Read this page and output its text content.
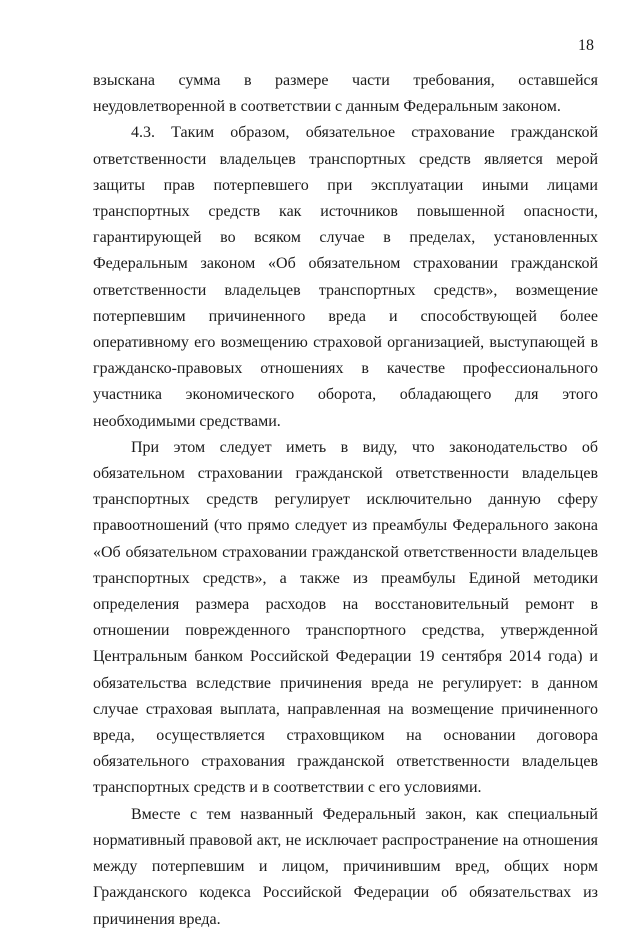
18

взыскана сумма в размере части требования, оставшейся неудовлетворенной в соответствии с данным Федеральным законом.

4.3. Таким образом, обязательное страхование гражданской ответственности владельцев транспортных средств является мерой защиты прав потерпевшего при эксплуатации иными лицами транспортных средств как источников повышенной опасности, гарантирующей во всяком случае в пределах, установленных Федеральным законом «Об обязательном страховании гражданской ответственности владельцев транспортных средств», возмещение потерпевшим причиненного вреда и способствующей более оперативному его возмещению страховой организацией, выступающей в гражданско-правовых отношениях в качестве профессионального участника экономического оборота, обладающего для этого необходимыми средствами.

При этом следует иметь в виду, что законодательство об обязательном страховании гражданской ответственности владельцев транспортных средств регулирует исключительно данную сферу правоотношений (что прямо следует из преамбулы Федерального закона «Об обязательном страховании гражданской ответственности владельцев транспортных средств», а также из преамбулы Единой методики определения размера расходов на восстановительный ремонт в отношении поврежденного транспортного средства, утвержденной Центральным банком Российской Федерации 19 сентября 2014 года) и обязательства вследствие причинения вреда не регулирует: в данном случае страховая выплата, направленная на возмещение причиненного вреда, осуществляется страховщиком на основании договора обязательного страхования гражданской ответственности владельцев транспортных средств и в соответствии с его условиями.

Вместе с тем названный Федеральный закон, как специальный нормативный правовой акт, не исключает распространение на отношения между потерпевшим и лицом, причинившим вред, общих норм Гражданского кодекса Российской Федерации об обязательствах из причинения вреда.
